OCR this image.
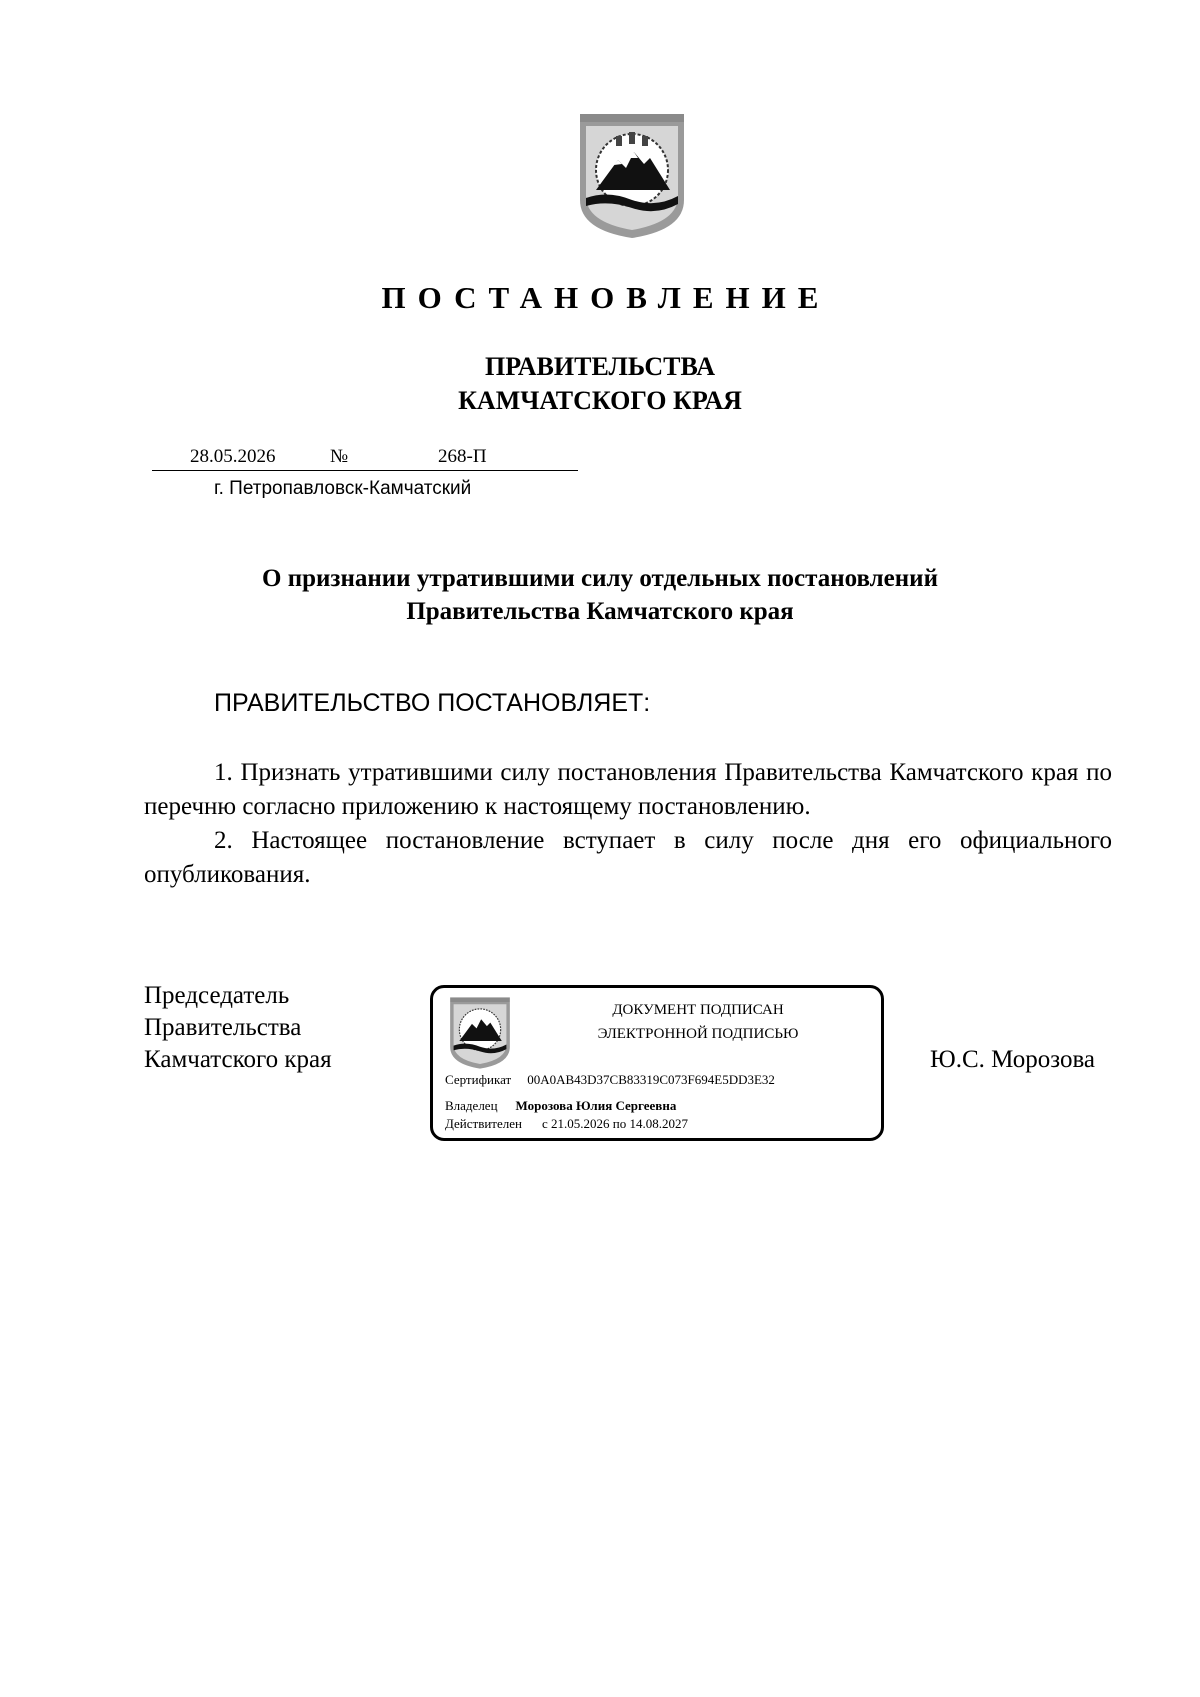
ПОСТАНОВЛЕНИЕ
ПРАВИТЕЛЬСТВА
КАМЧАТСКОГО КРАЯ
28.05.2026	№	268-П
г. Петропавловск-Камчатский
О признании утратившими силу отдельных постановлений
Правительства Камчатского края
ПРАВИТЕЛЬСТВО ПОСТАНОВЛЯЕТ:

1. Признать утратившими силу постановления Правительства Камчатского края по перечню согласно приложению к настоящему постановлению.

2. Настоящее постановление вступает в силу после дня его официального опубликования.

Председатель
Правительства
Камчатского края
ДОКУМЕНТ ПОДПИСАН
ЭЛЕКТРОННОЙ ПОДПИСЬЮ
Сертификат 00A0AB43D37CB83319C073F694E5DD3E32
Владелец Морозова Юлия Сергеевна
Действителен с 21.05.2026 по 14.08.2027
Ю.С. Морозова
